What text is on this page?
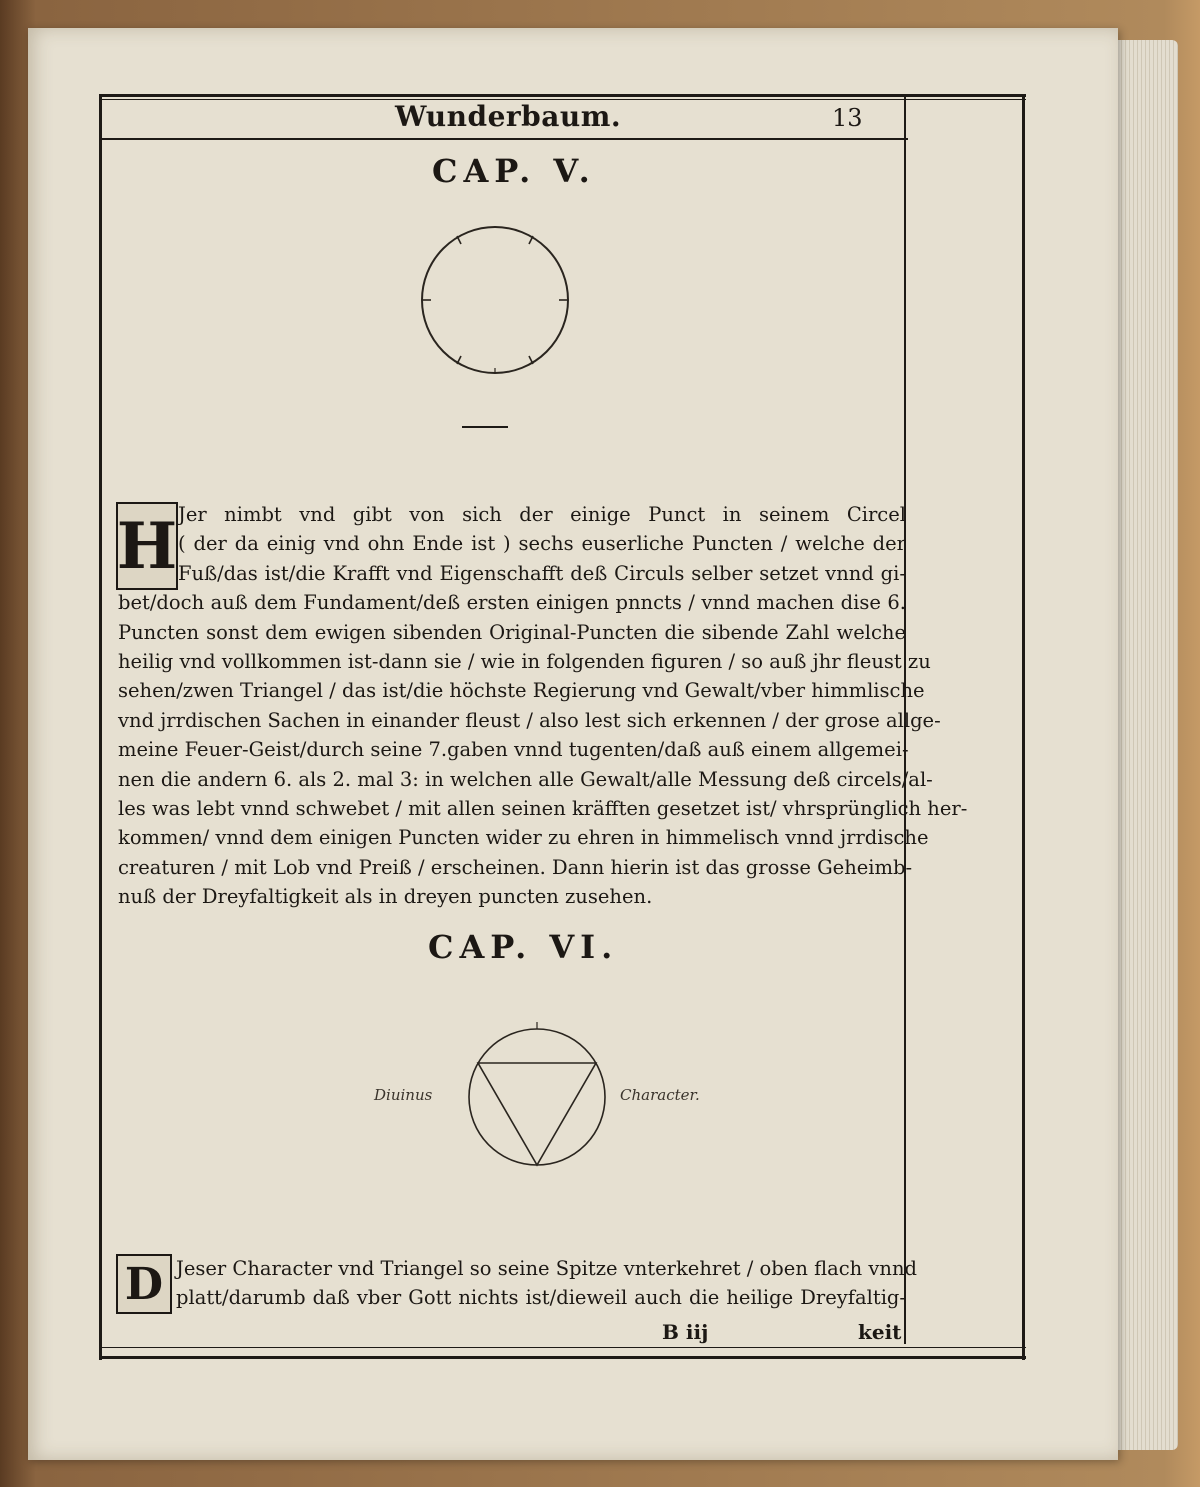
Wunderbaum.	13
CAP. V.
H Jer nimbt vnd gibt von sich der einige Punct in seinem Circel
( der da einig vnd ohn Ende ist ) sechs euserliche Puncten / welche der
Fuß/das ist/die Krafft vnd Eigenschafft deß Circuls selber setzet vnnd gi-
bet/doch auß dem Fundament/deß ersten einigen pnncts / vnnd machen dise 6.
Puncten sonst dem ewigen sibenden Original-Puncten die sibende Zahl welche
heilig vnd vollkommen ist-dann sie / wie in folgenden figuren / so auß jhr fleust zu
sehen/zwen Triangel / das ist/die höchste Regierung vnd Gewalt/vber himmlische
vnd jrrdischen Sachen in einander fleust / also lest sich erkennen / der grose allge-
meine Feuer-Geist/durch seine 7.gaben vnnd tugenten/daß auß einem allgemei-
nen die andern 6. als 2. mal 3: in welchen alle Gewalt/alle Messung deß circels/al-
les was lebt vnnd schwebet / mit allen seinen kräfften gesetzet ist/ vhrsprünglich her-
kommen/ vnnd dem einigen Puncten wider zu ehren in himmelisch vnnd jrrdische
creaturen / mit Lob vnd Preiß / erscheinen. Dann hierin ist das grosse Geheimb-
nuß der Dreyfaltigkeit als in dreyen puncten zusehen.
CAP. VI.
Diuinus	Character.
D Jeser Character vnd Triangel so seine Spitze vnterkehret / oben flach vnnd
platt/darumb daß vber Gott nichts ist/dieweil auch die heilige Dreyfaltig-
B iij	keit
